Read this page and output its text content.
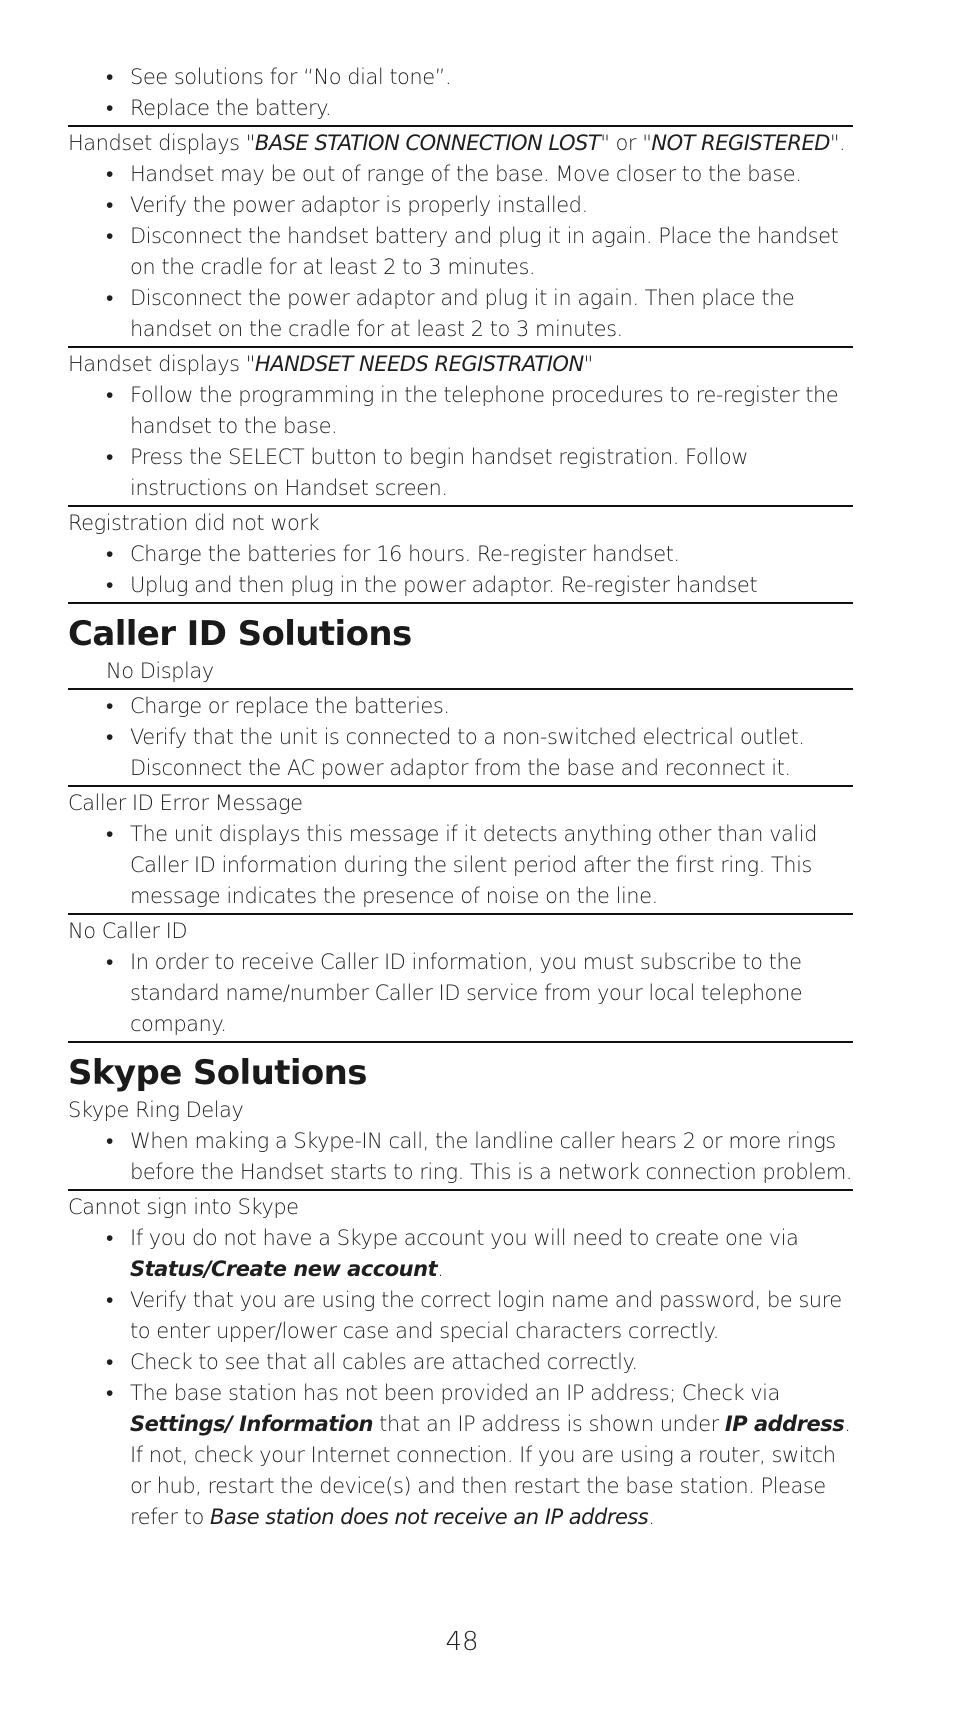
• See solutions for “No dial tone”.
• Replace the battery.
Handset displays "BASE STATION CONNECTION LOST" or "NOT REGISTERED".
• Handset may be out of range of the base. Move closer to the base.
• Verify the power adaptor is properly installed.
• Disconnect the handset battery and plug it in again. Place the handset on the cradle for at least 2 to 3 minutes.
• Disconnect the power adaptor and plug it in again. Then place the handset on the cradle for at least 2 to 3 minutes.
Handset displays "HANDSET NEEDS REGISTRATION"
• Follow the programming in the telephone procedures to re-register the handset to the base.
• Press the SELECT button to begin handset registration. Follow instructions on Handset screen.
Registration did not work
• Charge the batteries for 16 hours. Re-register handset.
• Uplug and then plug in the power adaptor. Re-register handset
Caller ID Solutions
No Display
• Charge or replace the batteries.
• Verify that the unit is connected to a non-switched electrical outlet. Disconnect the AC power adaptor from the base and reconnect it.
Caller ID Error Message
• The unit displays this message if it detects anything other than valid Caller ID information during the silent period after the first ring. This message indicates the presence of noise on the line.
No Caller ID
• In order to receive Caller ID information, you must subscribe to the standard name/number Caller ID service from your local telephone company.
Skype Solutions
Skype Ring Delay
• When making a Skype-IN call, the landline caller hears 2 or more rings before the Handset starts to ring. This is a network connection problem.
Cannot sign into Skype
• If you do not have a Skype account you will need to create one via Status/Create new account.
• Verify that you are using the correct login name and password, be sure to enter upper/lower case and special characters correctly.
• Check to see that all cables are attached correctly.
• The base station has not been provided an IP address; Check via Settings/ Information that an IP address is shown under IP address. If not, check your Internet connection. If you are using a router, switch or hub, restart the device(s) and then restart the base station. Please refer to Base station does not receive an IP address.
48
